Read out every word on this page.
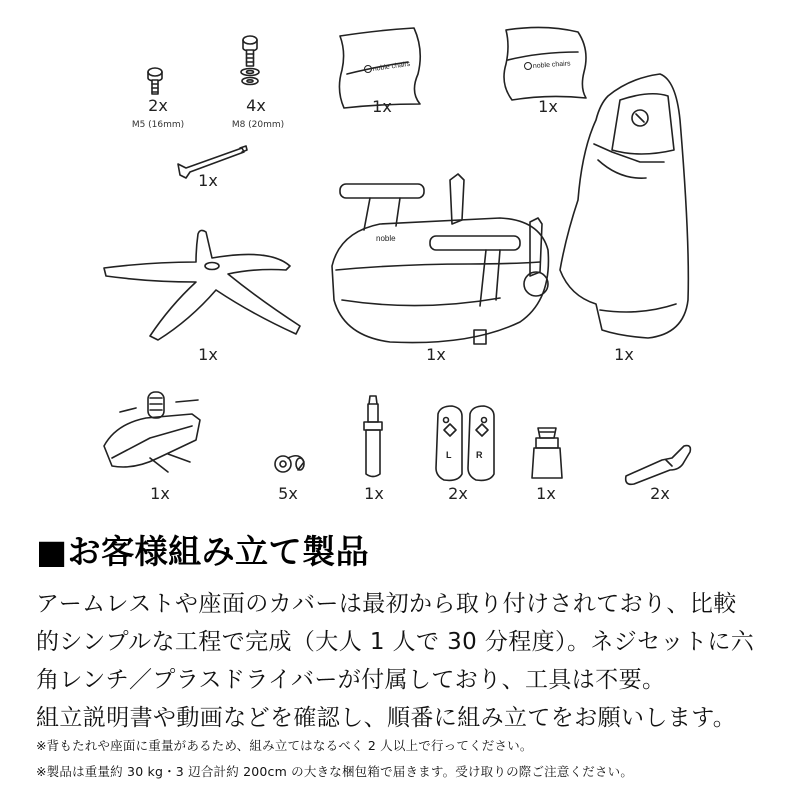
noble chairs	noble chairs
noble
L	R
2x
M5 (16mm)
4x
M8 (20mm)
1x	1x
1x
1x	1x	1x
1x	5x	1x	2x	1x	2x
■お客様組み立て製品
アームレストや座面のカバーは最初から取り付けされており、比較
的シンプルな工程で完成（大人 1 人で 30 分程度）。ネジセットに六
角レンチ／プラスドライバーが付属しており、工具は不要。
組立説明書や動画などを確認し、順番に組み立てをお願いします。
※背もたれや座面に重量があるため、組み立てはなるべく 2 人以上で行ってください。
※製品は重量約 30 kg・3 辺合計約 200cm の大きな梱包箱で届きます。受け取りの際ご注意ください。
